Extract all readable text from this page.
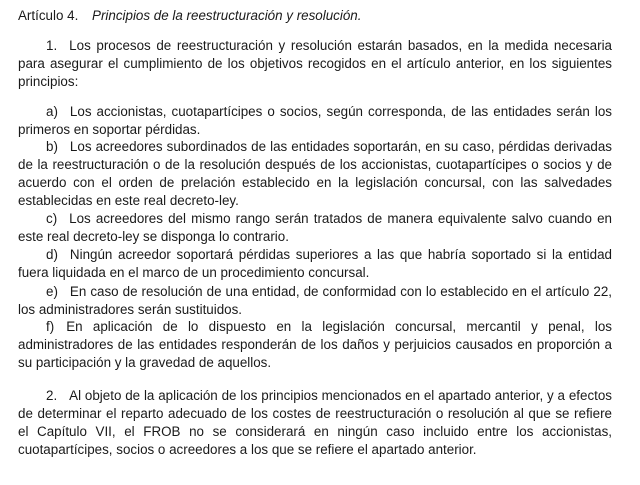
Artículo 4. Principios de la reestructuración y resolución.

1. Los procesos de reestructuración y resolución estarán basados, en la medida necesaria para asegurar el cumplimiento de los objetivos recogidos en el artículo anterior, en los siguientes principios:

a) Los accionistas, cuotapartícipes o socios, según corresponda, de las entidades serán los primeros en soportar pérdidas.

b) Los acreedores subordinados de las entidades soportarán, en su caso, pérdidas derivadas de la reestructuración o de la resolución después de los accionistas, cuotapartícipes o socios y de acuerdo con el orden de prelación establecido en la legislación concursal, con las salvedades establecidas en este real decreto-ley.

c) Los acreedores del mismo rango serán tratados de manera equivalente salvo cuando en este real decreto-ley se disponga lo contrario.

d) Ningún acreedor soportará pérdidas superiores a las que habría soportado si la entidad fuera liquidada en el marco de un procedimiento concursal.

e) En caso de resolución de una entidad, de conformidad con lo establecido en el artículo 22, los administradores serán sustituidos.

f) En aplicación de lo dispuesto en la legislación concursal, mercantil y penal, los administradores de las entidades responderán de los daños y perjuicios causados en proporción a su participación y la gravedad de aquellos.

2. Al objeto de la aplicación de los principios mencionados en el apartado anterior, y a efectos de determinar el reparto adecuado de los costes de reestructuración o resolución al que se refiere el Capítulo VII, el FROB no se considerará en ningún caso incluido entre los accionistas, cuotapartícipes, socios o acreedores a los que se refiere el apartado anterior.
